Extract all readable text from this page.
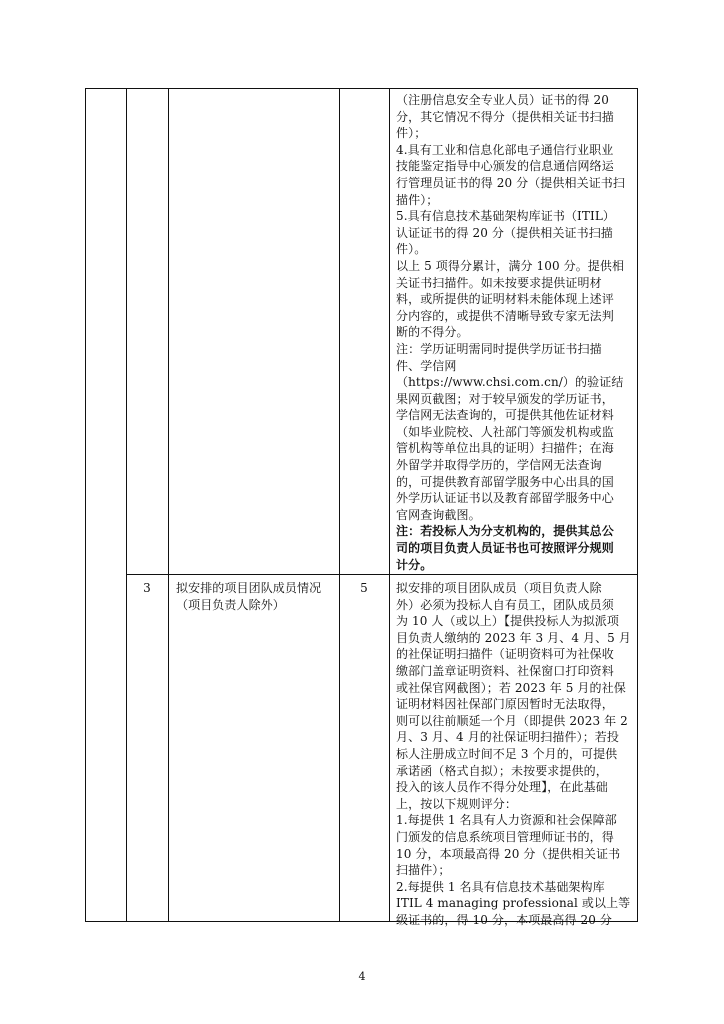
（注册信息安全专业人员）证书的得 20
分，其它情况不得分（提供相关证书扫描
件）；
4.具有工业和信息化部电子通信行业职业
技能鉴定指导中心颁发的信息通信网络运
行管理员证书的得 20 分（提供相关证书扫
描件）；
5.具有信息技术基础架构库证书（ITIL）
认证证书的得 20 分（提供相关证书扫描
件）。
以上 5 项得分累计，满分 100 分。提供相
关证书扫描件。如未按要求提供证明材
料，或所提供的证明材料未能体现上述评
分内容的，或提供不清晰导致专家无法判
断的不得分。
注：学历证明需同时提供学历证书扫描
件、学信网
（https://www.chsi.com.cn/）的验证结
果网页截图；对于较早颁发的学历证书，
学信网无法查询的，可提供其他佐证材料
（如毕业院校、人社部门等颁发机构或监
管机构等单位出具的证明）扫描件；在海
外留学并取得学历的，学信网无法查询
的，可提供教育部留学服务中心出具的国
外学历认证证书以及教育部留学服务中心
官网查询截图。
注：若投标人为分支机构的，提供其总公
司的项目负责人员证书也可按照评分规则
计分。
3	拟安排的项目团队成员情况
（项目负责人除外）
5	拟安排的项目团队成员（项目负责人除
外）必须为投标人自有员工，团队成员须
为 10 人（或以上）【提供投标人为拟派项
目负责人缴纳的 2023 年 3 月、4 月、5 月
的社保证明扫描件（证明资料可为社保收
缴部门盖章证明资料、社保窗口打印资料
或社保官网截图）；若 2023 年 5 月的社保
证明材料因社保部门原因暂时无法取得，
则可以往前顺延一个月（即提供 2023 年 2
月、3 月、4 月的社保证明扫描件）；若投
标人注册成立时间不足 3 个月的，可提供
承诺函（格式自拟）；未按要求提供的，
投入的该人员作不得分处理】，在此基础
上，按以下规则评分：
1.每提供 1 名具有人力资源和社会保障部
门颁发的信息系统项目管理师证书的，得
10 分，本项最高得 20 分（提供相关证书
扫描件）；
2.每提供 1 名具有信息技术基础架构库
ITIL 4 managing professional 或以上等
级证书的，得 10 分，本项最高得 20 分
4
